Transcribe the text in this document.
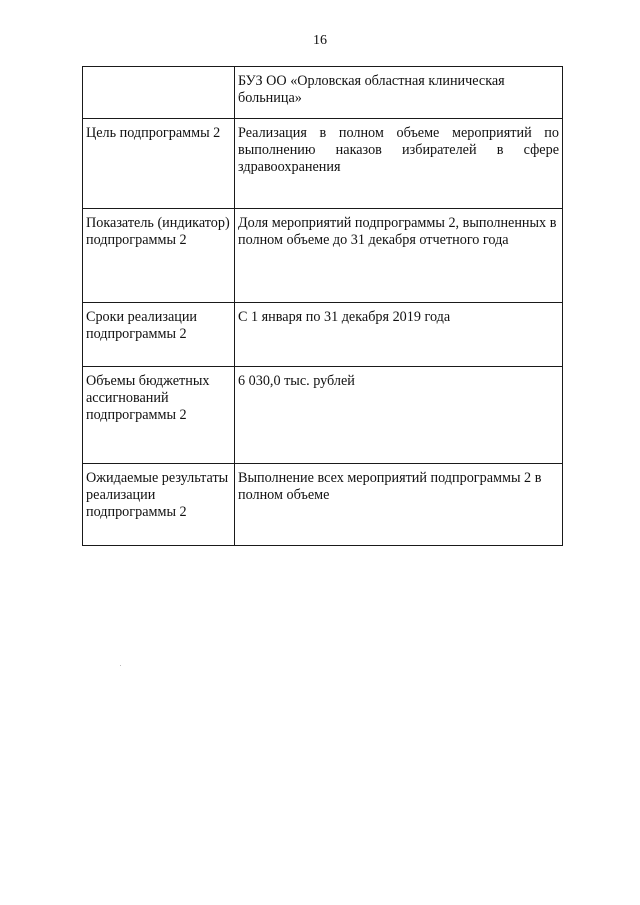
16

	БУЗ ОО «Орловская областная клиническая больница»

Цель подпрограммы 2	Реализация в полном объеме мероприятий по выполнению наказов избирателей в сфере здравоохранения

Показатель (индикатор) подпрограммы 2	Доля мероприятий подпрограммы 2, выполненных в полном объеме до 31 декабря отчетного года

Сроки реализации подпрограммы 2	С 1 января по 31 декабря 2019 года

Объемы бюджетных ассигнований подпрограммы 2	6 030,0 тыс. рублей

Ожидаемые результаты реализации подпрограммы 2	Выполнение всех мероприятий подпрограммы 2 в полном объеме
